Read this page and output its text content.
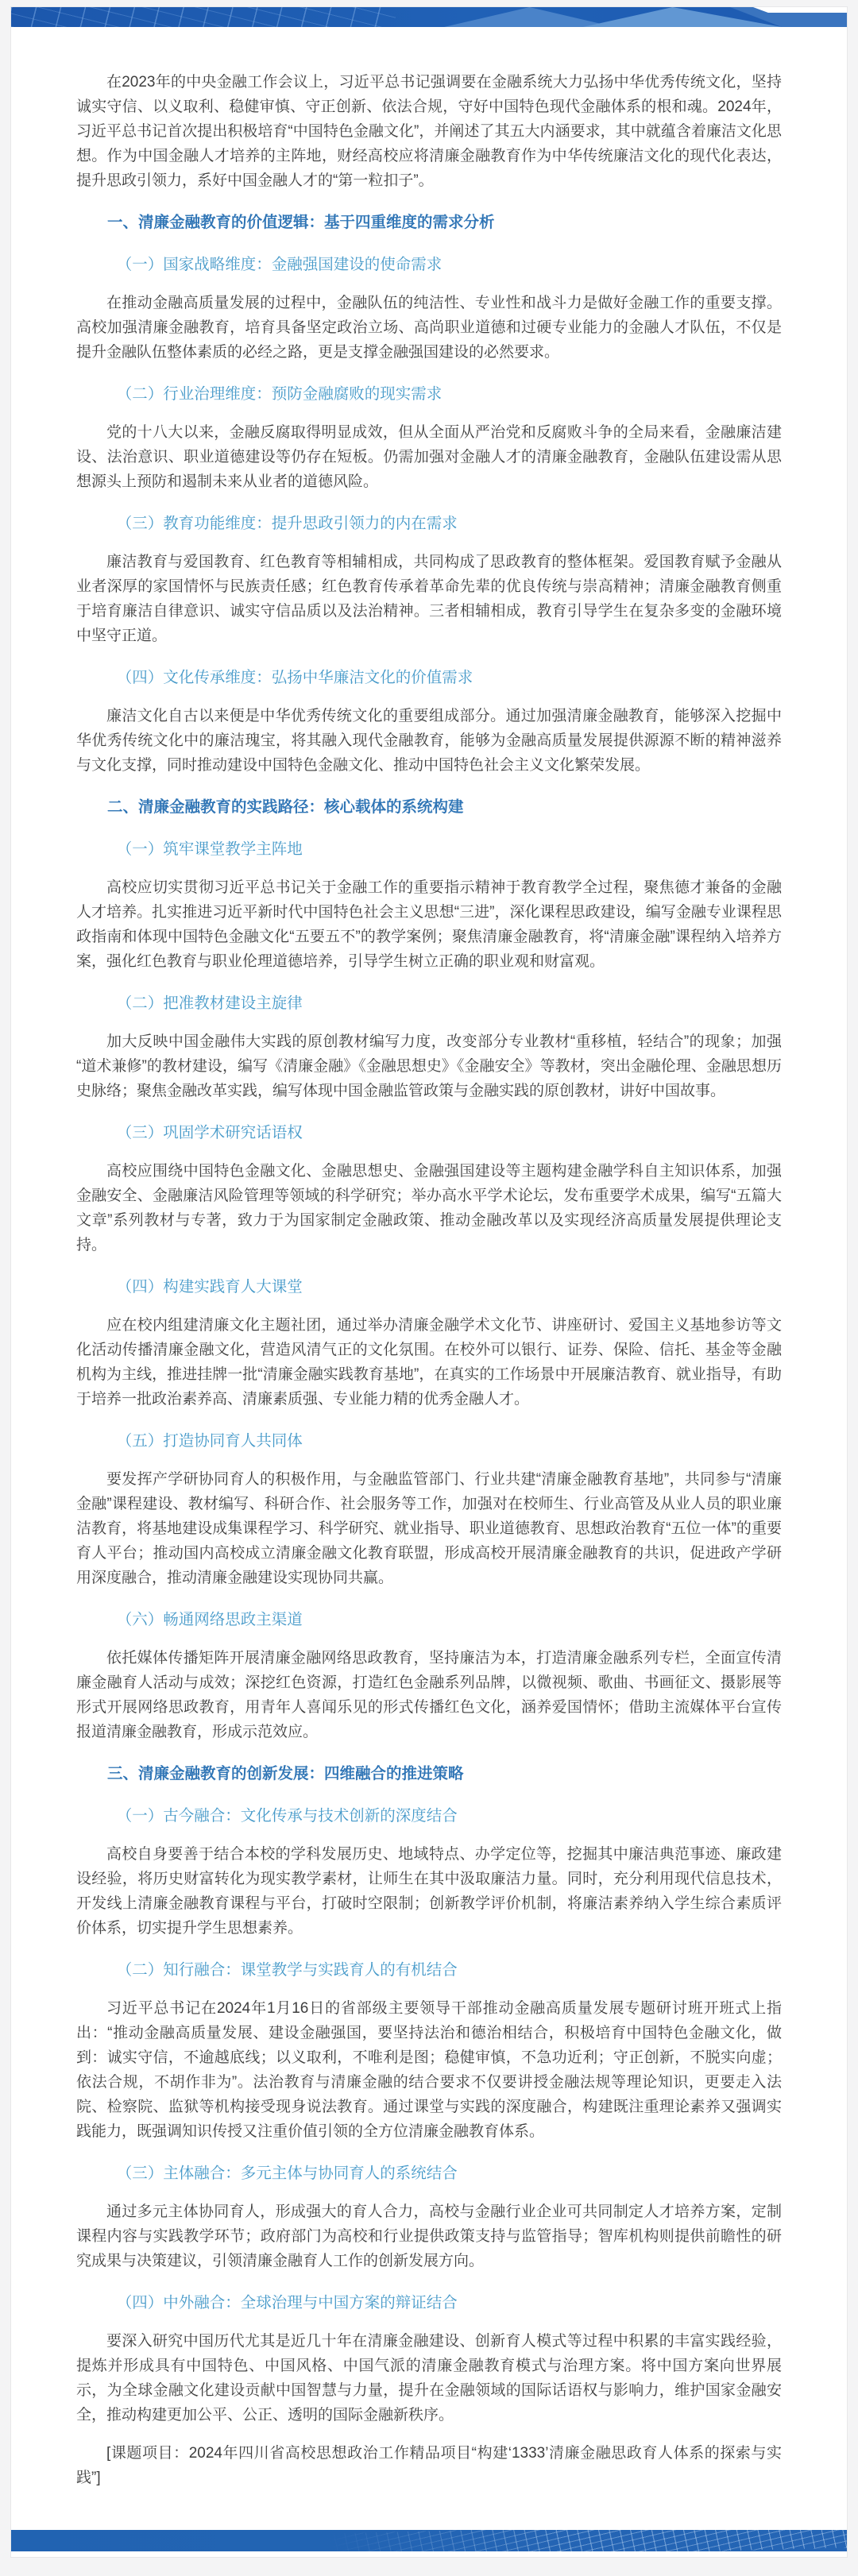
在2023年的中央金融工作会议上，习近平总书记强调要在金融系统大力弘扬中华优秀传统文化，坚持诚实守信、以义取利、稳健审慎、守正创新、依法合规，守好中国特色现代金融体系的根和魂。2024年，习近平总书记首次提出积极培育“中国特色金融文化”，并阐述了其五大内涵要求，其中就蕴含着廉洁文化思想。作为中国金融人才培养的主阵地，财经高校应将清廉金融教育作为中华传统廉洁文化的现代化表达，提升思政引领力，系好中国金融人才的“第一粒扣子”。

一、清廉金融教育的价值逻辑：基于四重维度的需求分析
（一）国家战略维度：金融强国建设的使命需求

在推动金融高质量发展的过程中，金融队伍的纯洁性、专业性和战斗力是做好金融工作的重要支撑。高校加强清廉金融教育，培育具备坚定政治立场、高尚职业道德和过硬专业能力的金融人才队伍，不仅是提升金融队伍整体素质的必经之路，更是支撑金融强国建设的必然要求。

（二）行业治理维度：预防金融腐败的现实需求

党的十八大以来，金融反腐取得明显成效，但从全面从严治党和反腐败斗争的全局来看，金融廉洁建设、法治意识、职业道德建设等仍存在短板。仍需加强对金融人才的清廉金融教育，金融队伍建设需从思想源头上预防和遏制未来从业者的道德风险。

（三）教育功能维度：提升思政引领力的内在需求

廉洁教育与爱国教育、红色教育等相辅相成，共同构成了思政教育的整体框架。爱国教育赋予金融从业者深厚的家国情怀与民族责任感；红色教育传承着革命先辈的优良传统与崇高精神；清廉金融教育侧重于培育廉洁自律意识、诚实守信品质以及法治精神。三者相辅相成，教育引导学生在复杂多变的金融环境中坚守正道。

（四）文化传承维度：弘扬中华廉洁文化的价值需求

廉洁文化自古以来便是中华优秀传统文化的重要组成部分。通过加强清廉金融教育，能够深入挖掘中华优秀传统文化中的廉洁瑰宝，将其融入现代金融教育，能够为金融高质量发展提供源源不断的精神滋养与文化支撑，同时推动建设中国特色金融文化、推动中国特色社会主义文化繁荣发展。

二、清廉金融教育的实践路径：核心载体的系统构建
（一）筑牢课堂教学主阵地

高校应切实贯彻习近平总书记关于金融工作的重要指示精神于教育教学全过程，聚焦德才兼备的金融人才培养。扎实推进习近平新时代中国特色社会主义思想“三进”，深化课程思政建设，编写金融专业课程思政指南和体现中国特色金融文化“五要五不”的教学案例；聚焦清廉金融教育，将“清廉金融”课程纳入培养方案，强化红色教育与职业伦理道德培养，引导学生树立正确的职业观和财富观。

（二）把准教材建设主旋律

加大反映中国金融伟大实践的原创教材编写力度，改变部分专业教材“重移植，轻结合”的现象；加强“道术兼修”的教材建设，编写《清廉金融》《金融思想史》《金融安全》等教材，突出金融伦理、金融思想历史脉络；聚焦金融改革实践，编写体现中国金融监管政策与金融实践的原创教材，讲好中国故事。

（三）巩固学术研究话语权

高校应围绕中国特色金融文化、金融思想史、金融强国建设等主题构建金融学科自主知识体系，加强金融安全、金融廉洁风险管理等领域的科学研究；举办高水平学术论坛，发布重要学术成果，编写“五篇大文章”系列教材与专著，致力于为国家制定金融政策、推动金融改革以及实现经济高质量发展提供理论支持。

（四）构建实践育人大课堂

应在校内组建清廉文化主题社团，通过举办清廉金融学术文化节、讲座研讨、爱国主义基地参访等文化活动传播清廉金融文化，营造风清气正的文化氛围。在校外可以银行、证券、保险、信托、基金等金融机构为主线，推进挂牌一批“清廉金融实践教育基地”，在真实的工作场景中开展廉洁教育、就业指导，有助于培养一批政治素养高、清廉素质强、专业能力精的优秀金融人才。

（五）打造协同育人共同体

要发挥产学研协同育人的积极作用，与金融监管部门、行业共建“清廉金融教育基地”，共同参与“清廉金融”课程建设、教材编写、科研合作、社会服务等工作，加强对在校师生、行业高管及从业人员的职业廉洁教育，将基地建设成集课程学习、科学研究、就业指导、职业道德教育、思想政治教育“五位一体”的重要育人平台；推动国内高校成立清廉金融文化教育联盟，形成高校开展清廉金融教育的共识，促进政产学研用深度融合，推动清廉金融建设实现协同共赢。

（六）畅通网络思政主渠道

依托媒体传播矩阵开展清廉金融网络思政教育，坚持廉洁为本，打造清廉金融系列专栏，全面宣传清廉金融育人活动与成效；深挖红色资源，打造红色金融系列品牌，以微视频、歌曲、书画征文、摄影展等形式开展网络思政教育，用青年人喜闻乐见的形式传播红色文化，涵养爱国情怀；借助主流媒体平台宣传报道清廉金融教育，形成示范效应。

三、清廉金融教育的创新发展：四维融合的推进策略
（一）古今融合：文化传承与技术创新的深度结合

高校自身要善于结合本校的学科发展历史、地域特点、办学定位等，挖掘其中廉洁典范事迹、廉政建设经验，将历史财富转化为现实教学素材，让师生在其中汲取廉洁力量。同时，充分利用现代信息技术，开发线上清廉金融教育课程与平台，打破时空限制；创新教学评价机制，将廉洁素养纳入学生综合素质评价体系，切实提升学生思想素养。

（二）知行融合：课堂教学与实践育人的有机结合

习近平总书记在2024年1月16日的省部级主要领导干部推动金融高质量发展专题研讨班开班式上指出：“推动金融高质量发展、建设金融强国，要坚持法治和德治相结合，积极培育中国特色金融文化，做到：诚实守信，不逾越底线；以义取利，不唯利是图；稳健审慎，不急功近利；守正创新，不脱实向虚；依法合规，不胡作非为”。法治教育与清廉金融的结合要求不仅要讲授金融法规等理论知识，更要走入法院、检察院、监狱等机构接受现身说法教育。通过课堂与实践的深度融合，构建既注重理论素养又强调实践能力，既强调知识传授又注重价值引领的全方位清廉金融教育体系。

（三）主体融合：多元主体与协同育人的系统结合

通过多元主体协同育人，形成强大的育人合力，高校与金融行业企业可共同制定人才培养方案，定制课程内容与实践教学环节；政府部门为高校和行业提供政策支持与监管指导；智库机构则提供前瞻性的研究成果与决策建议，引领清廉金融育人工作的创新发展方向。

（四）中外融合：全球治理与中国方案的辩证结合

要深入研究中国历代尤其是近几十年在清廉金融建设、创新育人模式等过程中积累的丰富实践经验，提炼并形成具有中国特色、中国风格、中国气派的清廉金融教育模式与治理方案。将中国方案向世界展示，为全球金融文化建设贡献中国智慧与力量，提升在金融领域的国际话语权与影响力，维护国家金融安全，推动构建更加公平、公正、透明的国际金融新秩序。

[课题项目：2024年四川省高校思想政治工作精品项目“构建‘1333’清廉金融思政育人体系的探索与实践”]
